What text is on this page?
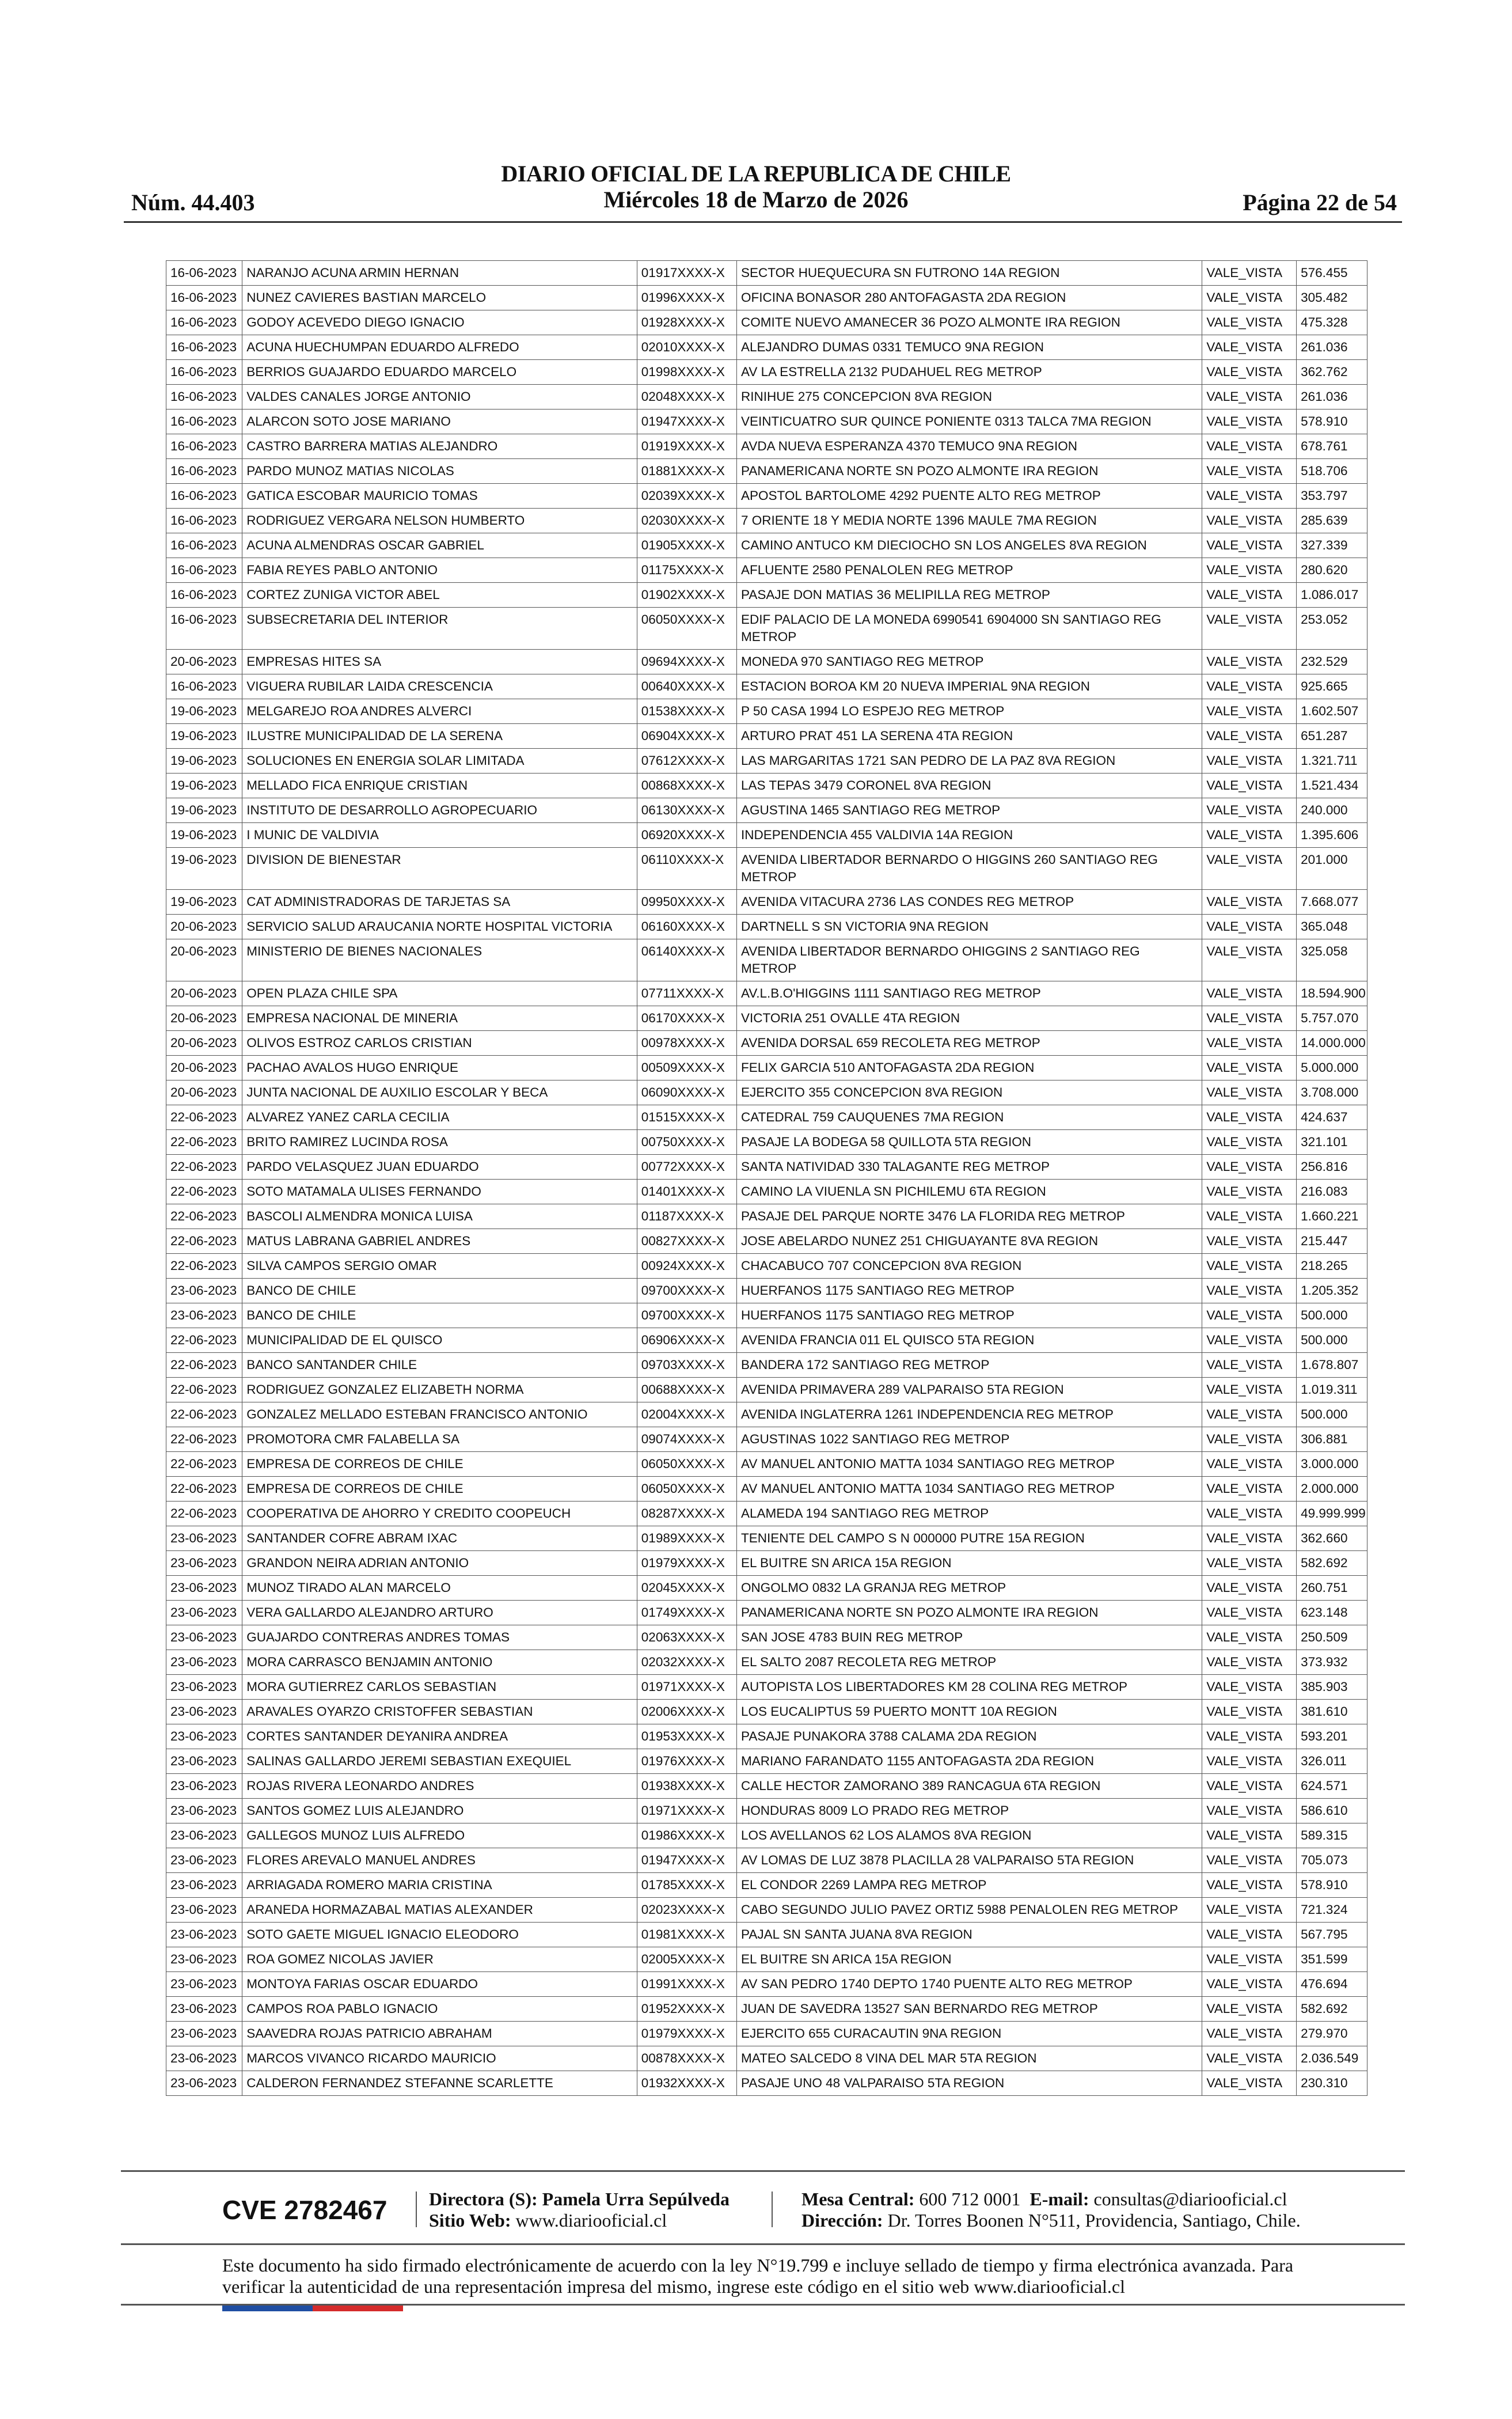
DIARIO OFICIAL DE LA REPUBLICA DE CHILE
Miércoles 18 de Marzo de 2026
Núm. 44.403	Página 22 de 54
16-06-2023	NARANJO ACUNA ARMIN HERNAN	01917XXXX-X	SECTOR HUEQUECURA SN FUTRONO 14A REGION	VALE_VISTA	576.455
16-06-2023	NUNEZ CAVIERES BASTIAN MARCELO	01996XXXX-X	OFICINA BONASOR 280 ANTOFAGASTA 2DA REGION	VALE_VISTA	305.482
16-06-2023	GODOY ACEVEDO DIEGO IGNACIO	01928XXXX-X	COMITE NUEVO AMANECER 36 POZO ALMONTE IRA REGION	VALE_VISTA	475.328
16-06-2023	ACUNA HUECHUMPAN EDUARDO ALFREDO	02010XXXX-X	ALEJANDRO DUMAS 0331 TEMUCO 9NA REGION	VALE_VISTA	261.036
16-06-2023	BERRIOS GUAJARDO EDUARDO MARCELO	01998XXXX-X	AV LA ESTRELLA 2132 PUDAHUEL REG METROP	VALE_VISTA	362.762
16-06-2023	VALDES CANALES JORGE ANTONIO	02048XXXX-X	RINIHUE 275 CONCEPCION 8VA REGION	VALE_VISTA	261.036
16-06-2023	ALARCON SOTO JOSE MARIANO	01947XXXX-X	VEINTICUATRO SUR QUINCE PONIENTE 0313 TALCA 7MA REGION	VALE_VISTA	578.910
16-06-2023	CASTRO BARRERA MATIAS ALEJANDRO	01919XXXX-X	AVDA NUEVA ESPERANZA 4370 TEMUCO 9NA REGION	VALE_VISTA	678.761
16-06-2023	PARDO MUNOZ MATIAS NICOLAS	01881XXXX-X	PANAMERICANA NORTE SN POZO ALMONTE IRA REGION	VALE_VISTA	518.706
16-06-2023	GATICA ESCOBAR MAURICIO TOMAS	02039XXXX-X	APOSTOL BARTOLOME 4292 PUENTE ALTO REG METROP	VALE_VISTA	353.797
16-06-2023	RODRIGUEZ VERGARA NELSON HUMBERTO	02030XXXX-X	7 ORIENTE 18 Y MEDIA NORTE 1396 MAULE 7MA REGION	VALE_VISTA	285.639
16-06-2023	ACUNA ALMENDRAS OSCAR GABRIEL	01905XXXX-X	CAMINO ANTUCO KM DIECIOCHO SN LOS ANGELES 8VA REGION	VALE_VISTA	327.339
16-06-2023	FABIA REYES PABLO ANTONIO	01175XXXX-X	AFLUENTE 2580 PENALOLEN REG METROP	VALE_VISTA	280.620
16-06-2023	CORTEZ ZUNIGA VICTOR ABEL	01902XXXX-X	PASAJE DON MATIAS 36 MELIPILLA REG METROP	VALE_VISTA	1.086.017
16-06-2023	SUBSECRETARIA DEL INTERIOR	06050XXXX-X	EDIF PALACIO DE LA MONEDA 6990541 6904000 SN SANTIAGO REG METROP	VALE_VISTA	253.052
20-06-2023	EMPRESAS HITES SA	09694XXXX-X	MONEDA 970 SANTIAGO REG METROP	VALE_VISTA	232.529
16-06-2023	VIGUERA RUBILAR LAIDA CRESCENCIA	00640XXXX-X	ESTACION BOROA KM 20 NUEVA IMPERIAL 9NA REGION	VALE_VISTA	925.665
19-06-2023	MELGAREJO ROA ANDRES ALVERCI	01538XXXX-X	P 50 CASA 1994 LO ESPEJO REG METROP	VALE_VISTA	1.602.507
19-06-2023	ILUSTRE MUNICIPALIDAD DE LA SERENA	06904XXXX-X	ARTURO PRAT 451 LA SERENA 4TA REGION	VALE_VISTA	651.287
19-06-2023	SOLUCIONES EN ENERGIA SOLAR LIMITADA	07612XXXX-X	LAS MARGARITAS 1721 SAN PEDRO DE LA PAZ 8VA REGION	VALE_VISTA	1.321.711
19-06-2023	MELLADO FICA ENRIQUE CRISTIAN	00868XXXX-X	LAS TEPAS 3479 CORONEL 8VA REGION	VALE_VISTA	1.521.434
19-06-2023	INSTITUTO DE DESARROLLO AGROPECUARIO	06130XXXX-X	AGUSTINA 1465 SANTIAGO REG METROP	VALE_VISTA	240.000
19-06-2023	I MUNIC DE VALDIVIA	06920XXXX-X	INDEPENDENCIA 455 VALDIVIA 14A REGION	VALE_VISTA	1.395.606
19-06-2023	DIVISION DE BIENESTAR	06110XXXX-X	AVENIDA LIBERTADOR BERNARDO O HIGGINS 260 SANTIAGO REG METROP	VALE_VISTA	201.000
19-06-2023	CAT ADMINISTRADORAS DE TARJETAS SA	09950XXXX-X	AVENIDA VITACURA 2736 LAS CONDES REG METROP	VALE_VISTA	7.668.077
20-06-2023	SERVICIO SALUD ARAUCANIA NORTE HOSPITAL VICTORIA	06160XXXX-X	DARTNELL S SN VICTORIA 9NA REGION	VALE_VISTA	365.048
20-06-2023	MINISTERIO DE BIENES NACIONALES	06140XXXX-X	AVENIDA LIBERTADOR BERNARDO OHIGGINS 2 SANTIAGO REG METROP	VALE_VISTA	325.058
20-06-2023	OPEN PLAZA CHILE SPA	07711XXXX-X	AV.L.B.O'HIGGINS 1111 SANTIAGO REG METROP	VALE_VISTA	18.594.900
20-06-2023	EMPRESA NACIONAL DE MINERIA	06170XXXX-X	VICTORIA 251 OVALLE 4TA REGION	VALE_VISTA	5.757.070
20-06-2023	OLIVOS ESTROZ CARLOS CRISTIAN	00978XXXX-X	AVENIDA DORSAL 659 RECOLETA REG METROP	VALE_VISTA	14.000.000
20-06-2023	PACHAO AVALOS HUGO ENRIQUE	00509XXXX-X	FELIX GARCIA 510 ANTOFAGASTA 2DA REGION	VALE_VISTA	5.000.000
20-06-2023	JUNTA NACIONAL DE AUXILIO ESCOLAR Y BECA	06090XXXX-X	EJERCITO 355 CONCEPCION 8VA REGION	VALE_VISTA	3.708.000
22-06-2023	ALVAREZ YANEZ CARLA CECILIA	01515XXXX-X	CATEDRAL 759 CAUQUENES 7MA REGION	VALE_VISTA	424.637
22-06-2023	BRITO RAMIREZ LUCINDA ROSA	00750XXXX-X	PASAJE LA BODEGA 58 QUILLOTA 5TA REGION	VALE_VISTA	321.101
22-06-2023	PARDO VELASQUEZ JUAN EDUARDO	00772XXXX-X	SANTA NATIVIDAD 330 TALAGANTE REG METROP	VALE_VISTA	256.816
22-06-2023	SOTO MATAMALA ULISES FERNANDO	01401XXXX-X	CAMINO LA VIUENLA SN PICHILEMU 6TA REGION	VALE_VISTA	216.083
22-06-2023	BASCOLI ALMENDRA MONICA LUISA	01187XXXX-X	PASAJE DEL PARQUE NORTE 3476 LA FLORIDA REG METROP	VALE_VISTA	1.660.221
22-06-2023	MATUS LABRANA GABRIEL ANDRES	00827XXXX-X	JOSE ABELARDO NUNEZ 251 CHIGUAYANTE 8VA REGION	VALE_VISTA	215.447
22-06-2023	SILVA CAMPOS SERGIO OMAR	00924XXXX-X	CHACABUCO 707 CONCEPCION 8VA REGION	VALE_VISTA	218.265
23-06-2023	BANCO DE CHILE	09700XXXX-X	HUERFANOS 1175 SANTIAGO REG METROP	VALE_VISTA	1.205.352
23-06-2023	BANCO DE CHILE	09700XXXX-X	HUERFANOS 1175 SANTIAGO REG METROP	VALE_VISTA	500.000
22-06-2023	MUNICIPALIDAD DE EL QUISCO	06906XXXX-X	AVENIDA FRANCIA 011 EL QUISCO 5TA REGION	VALE_VISTA	500.000
22-06-2023	BANCO SANTANDER CHILE	09703XXXX-X	BANDERA 172 SANTIAGO REG METROP	VALE_VISTA	1.678.807
22-06-2023	RODRIGUEZ GONZALEZ ELIZABETH NORMA	00688XXXX-X	AVENIDA PRIMAVERA 289 VALPARAISO 5TA REGION	VALE_VISTA	1.019.311
22-06-2023	GONZALEZ MELLADO ESTEBAN FRANCISCO ANTONIO	02004XXXX-X	AVENIDA INGLATERRA 1261 INDEPENDENCIA REG METROP	VALE_VISTA	500.000
22-06-2023	PROMOTORA CMR FALABELLA SA	09074XXXX-X	AGUSTINAS 1022 SANTIAGO REG METROP	VALE_VISTA	306.881
22-06-2023	EMPRESA DE CORREOS DE CHILE	06050XXXX-X	AV MANUEL ANTONIO MATTA 1034 SANTIAGO REG METROP	VALE_VISTA	3.000.000
22-06-2023	EMPRESA DE CORREOS DE CHILE	06050XXXX-X	AV MANUEL ANTONIO MATTA 1034 SANTIAGO REG METROP	VALE_VISTA	2.000.000
22-06-2023	COOPERATIVA DE AHORRO Y CREDITO COOPEUCH	08287XXXX-X	ALAMEDA 194 SANTIAGO REG METROP	VALE_VISTA	49.999.999
23-06-2023	SANTANDER COFRE ABRAM IXAC	01989XXXX-X	TENIENTE DEL CAMPO S N 000000 PUTRE 15A REGION	VALE_VISTA	362.660
23-06-2023	GRANDON NEIRA ADRIAN ANTONIO	01979XXXX-X	EL BUITRE SN ARICA 15A REGION	VALE_VISTA	582.692
23-06-2023	MUNOZ TIRADO ALAN MARCELO	02045XXXX-X	ONGOLMO 0832 LA GRANJA REG METROP	VALE_VISTA	260.751
23-06-2023	VERA GALLARDO ALEJANDRO ARTURO	01749XXXX-X	PANAMERICANA NORTE SN POZO ALMONTE IRA REGION	VALE_VISTA	623.148
23-06-2023	GUAJARDO CONTRERAS ANDRES TOMAS	02063XXXX-X	SAN JOSE 4783 BUIN REG METROP	VALE_VISTA	250.509
23-06-2023	MORA CARRASCO BENJAMIN ANTONIO	02032XXXX-X	EL SALTO 2087 RECOLETA REG METROP	VALE_VISTA	373.932
23-06-2023	MORA GUTIERREZ CARLOS SEBASTIAN	01971XXXX-X	AUTOPISTA LOS LIBERTADORES KM 28 COLINA REG METROP	VALE_VISTA	385.903
23-06-2023	ARAVALES OYARZO CRISTOFFER SEBASTIAN	02006XXXX-X	LOS EUCALIPTUS 59 PUERTO MONTT 10A REGION	VALE_VISTA	381.610
23-06-2023	CORTES SANTANDER DEYANIRA ANDREA	01953XXXX-X	PASAJE PUNAKORA 3788 CALAMA 2DA REGION	VALE_VISTA	593.201
23-06-2023	SALINAS GALLARDO JEREMI SEBASTIAN EXEQUIEL	01976XXXX-X	MARIANO FARANDATO 1155 ANTOFAGASTA 2DA REGION	VALE_VISTA	326.011
23-06-2023	ROJAS RIVERA LEONARDO ANDRES	01938XXXX-X	CALLE HECTOR ZAMORANO 389 RANCAGUA 6TA REGION	VALE_VISTA	624.571
23-06-2023	SANTOS GOMEZ LUIS ALEJANDRO	01971XXXX-X	HONDURAS 8009 LO PRADO REG METROP	VALE_VISTA	586.610
23-06-2023	GALLEGOS MUNOZ LUIS ALFREDO	01986XXXX-X	LOS AVELLANOS 62 LOS ALAMOS 8VA REGION	VALE_VISTA	589.315
23-06-2023	FLORES AREVALO MANUEL ANDRES	01947XXXX-X	AV LOMAS DE LUZ 3878 PLACILLA 28 VALPARAISO 5TA REGION	VALE_VISTA	705.073
23-06-2023	ARRIAGADA ROMERO MARIA CRISTINA	01785XXXX-X	EL CONDOR 2269 LAMPA REG METROP	VALE_VISTA	578.910
23-06-2023	ARANEDA HORMAZABAL MATIAS ALEXANDER	02023XXXX-X	CABO SEGUNDO JULIO PAVEZ ORTIZ 5988 PENALOLEN REG METROP	VALE_VISTA	721.324
23-06-2023	SOTO GAETE MIGUEL IGNACIO ELEODORO	01981XXXX-X	PAJAL SN SANTA JUANA 8VA REGION	VALE_VISTA	567.795
23-06-2023	ROA GOMEZ NICOLAS JAVIER	02005XXXX-X	EL BUITRE SN ARICA 15A REGION	VALE_VISTA	351.599
23-06-2023	MONTOYA FARIAS OSCAR EDUARDO	01991XXXX-X	AV SAN PEDRO 1740 DEPTO 1740 PUENTE ALTO REG METROP	VALE_VISTA	476.694
23-06-2023	CAMPOS ROA PABLO IGNACIO	01952XXXX-X	JUAN DE SAVEDRA 13527 SAN BERNARDO REG METROP	VALE_VISTA	582.692
23-06-2023	SAAVEDRA ROJAS PATRICIO ABRAHAM	01979XXXX-X	EJERCITO 655 CURACAUTIN 9NA REGION	VALE_VISTA	279.970
23-06-2023	MARCOS VIVANCO RICARDO MAURICIO	00878XXXX-X	MATEO SALCEDO 8 VINA DEL MAR 5TA REGION	VALE_VISTA	2.036.549
23-06-2023	CALDERON FERNANDEZ STEFANNE SCARLETTE	01932XXXX-X	PASAJE UNO 48 VALPARAISO 5TA REGION	VALE_VISTA	230.310
CVE 2782467 Directora (S): Pamela Urra Sepúlveda
Sitio Web: www.diariooficial.cl
Mesa Central: 600 712 0001 E-mail: consultas@diariooficial.cl
Dirección: Dr. Torres Boonen N°511, Providencia, Santiago, Chile.
Este documento ha sido firmado electrónicamente de acuerdo con la ley N°19.799 e incluye sellado de tiempo y firma electrónica avanzada. Para verificar la autenticidad de una representación impresa del mismo, ingrese este código en el sitio web www.diariooficial.cl
